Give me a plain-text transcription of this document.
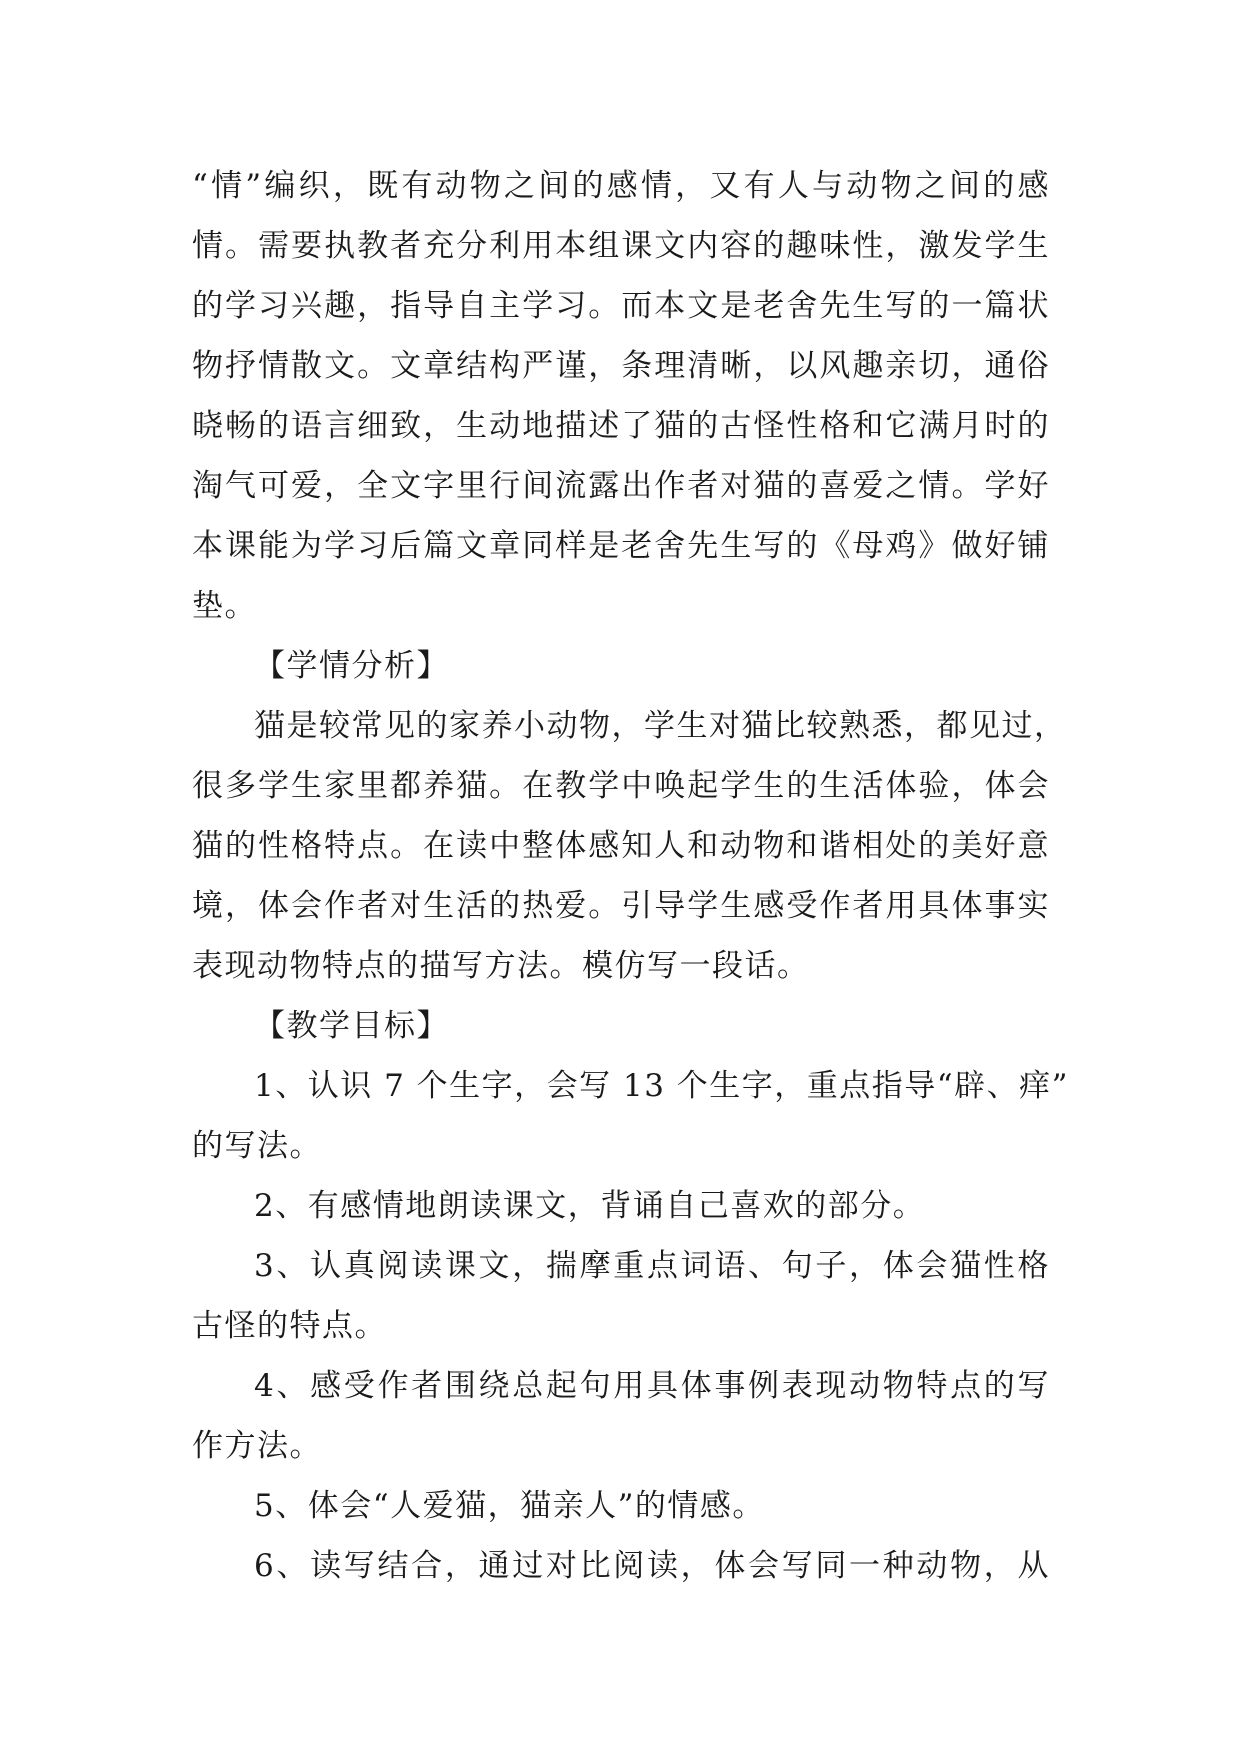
“情”编织，既有动物之间的感情，又有人与动物之间的感
情。需要执教者充分利用本组课文内容的趣味性，激发学生
的学习兴趣，指导自主学习。而本文是老舍先生写的一篇状
物抒情散文。文章结构严谨，条理清晰，以风趣亲切，通俗
晓畅的语言细致，生动地描述了猫的古怪性格和它满月时的
淘气可爱，全文字里行间流露出作者对猫的喜爱之情。学好
本课能为学习后篇文章同样是老舍先生写的《母鸡》做好铺
垫。
【学情分析】
猫是较常见的家养小动物，学生对猫比较熟悉，都见过，
很多学生家里都养猫。在教学中唤起学生的生活体验，体会
猫的性格特点。在读中整体感知人和动物和谐相处的美好意
境，体会作者对生活的热爱。引导学生感受作者用具体事实
表现动物特点的描写方法。模仿写一段话。
【教学目标】
1、认识 7 个生字，会写 13 个生字，重点指导“辟、痒”
的写法。
2、有感情地朗读课文，背诵自己喜欢的部分。
3、认真阅读课文，揣摩重点词语、句子，体会猫性格
古怪的特点。
4、感受作者围绕总起句用具体事例表现动物特点的写
作方法。
5、体会“人爱猫，猫亲人”的情感。
6、读写结合，通过对比阅读，体会写同一种动物，从
